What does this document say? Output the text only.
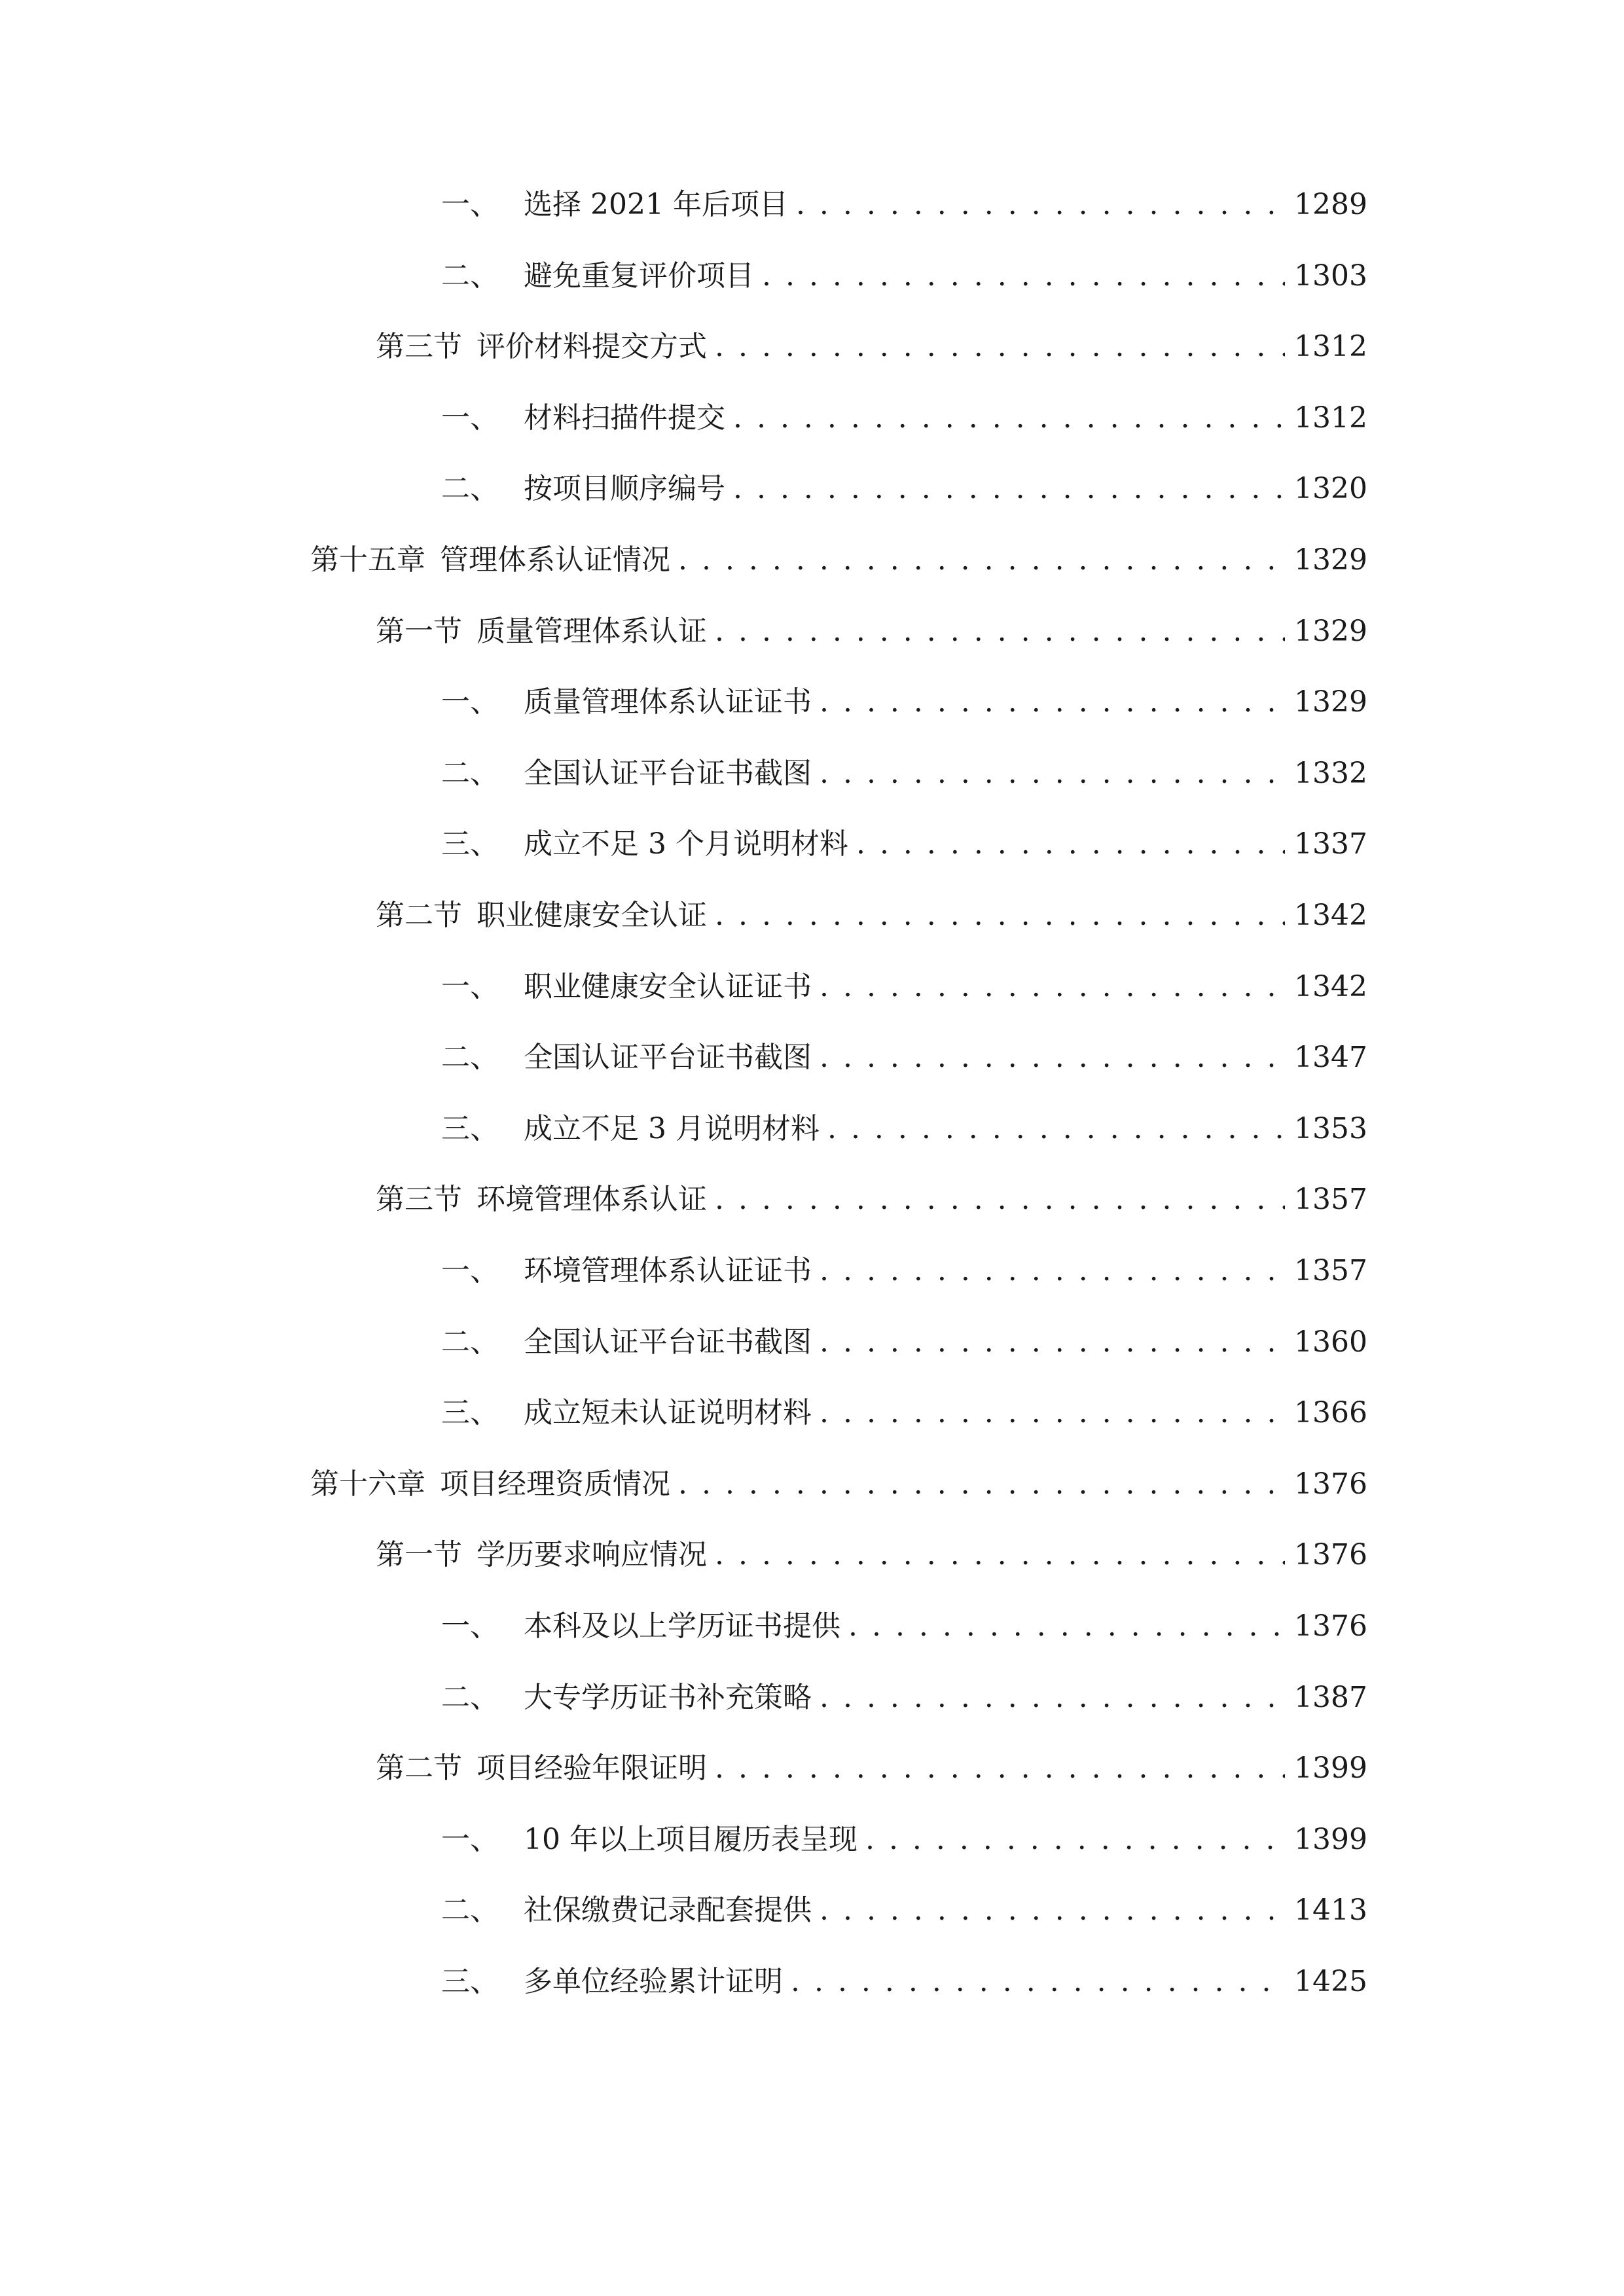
一、 选择 2021 年后项目 . . .	1289
二、 避免重复评价项目 . . .	1303
第三节 评价材料提交方式 . . .	1312
一、 材料扫描件提交 . . .	1312
二、 按项目顺序编号 . . .	1320
第十五章 管理体系认证情况 . . .	1329
第一节 质量管理体系认证 . . .	1329
一、 质量管理体系认证证书 . . .	1329
二、 全国认证平台证书截图 . . .	1332
三、 成立不足 3 个月说明材料 . . .	1337
第二节 职业健康安全认证 . . .	1342
一、 职业健康安全认证证书 . . .	1342
二、 全国认证平台证书截图 . . .	1347
三、 成立不足 3 月说明材料 . . .	1353
第三节 环境管理体系认证 . . .	1357
一、 环境管理体系认证证书 . . .	1357
二、 全国认证平台证书截图 . . .	1360
三、 成立短未认证说明材料 . . .	1366
第十六章 项目经理资质情况 . . .	1376
第一节 学历要求响应情况 . . .	1376
一、 本科及以上学历证书提供 . . .	1376
二、 大专学历证书补充策略 . . .	1387
第二节 项目经验年限证明 . . .	1399
一、 10 年以上项目履历表呈现 . . .	1399
二、 社保缴费记录配套提供 . . .	1413
三、 多单位经验累计证明 . . .	1425
